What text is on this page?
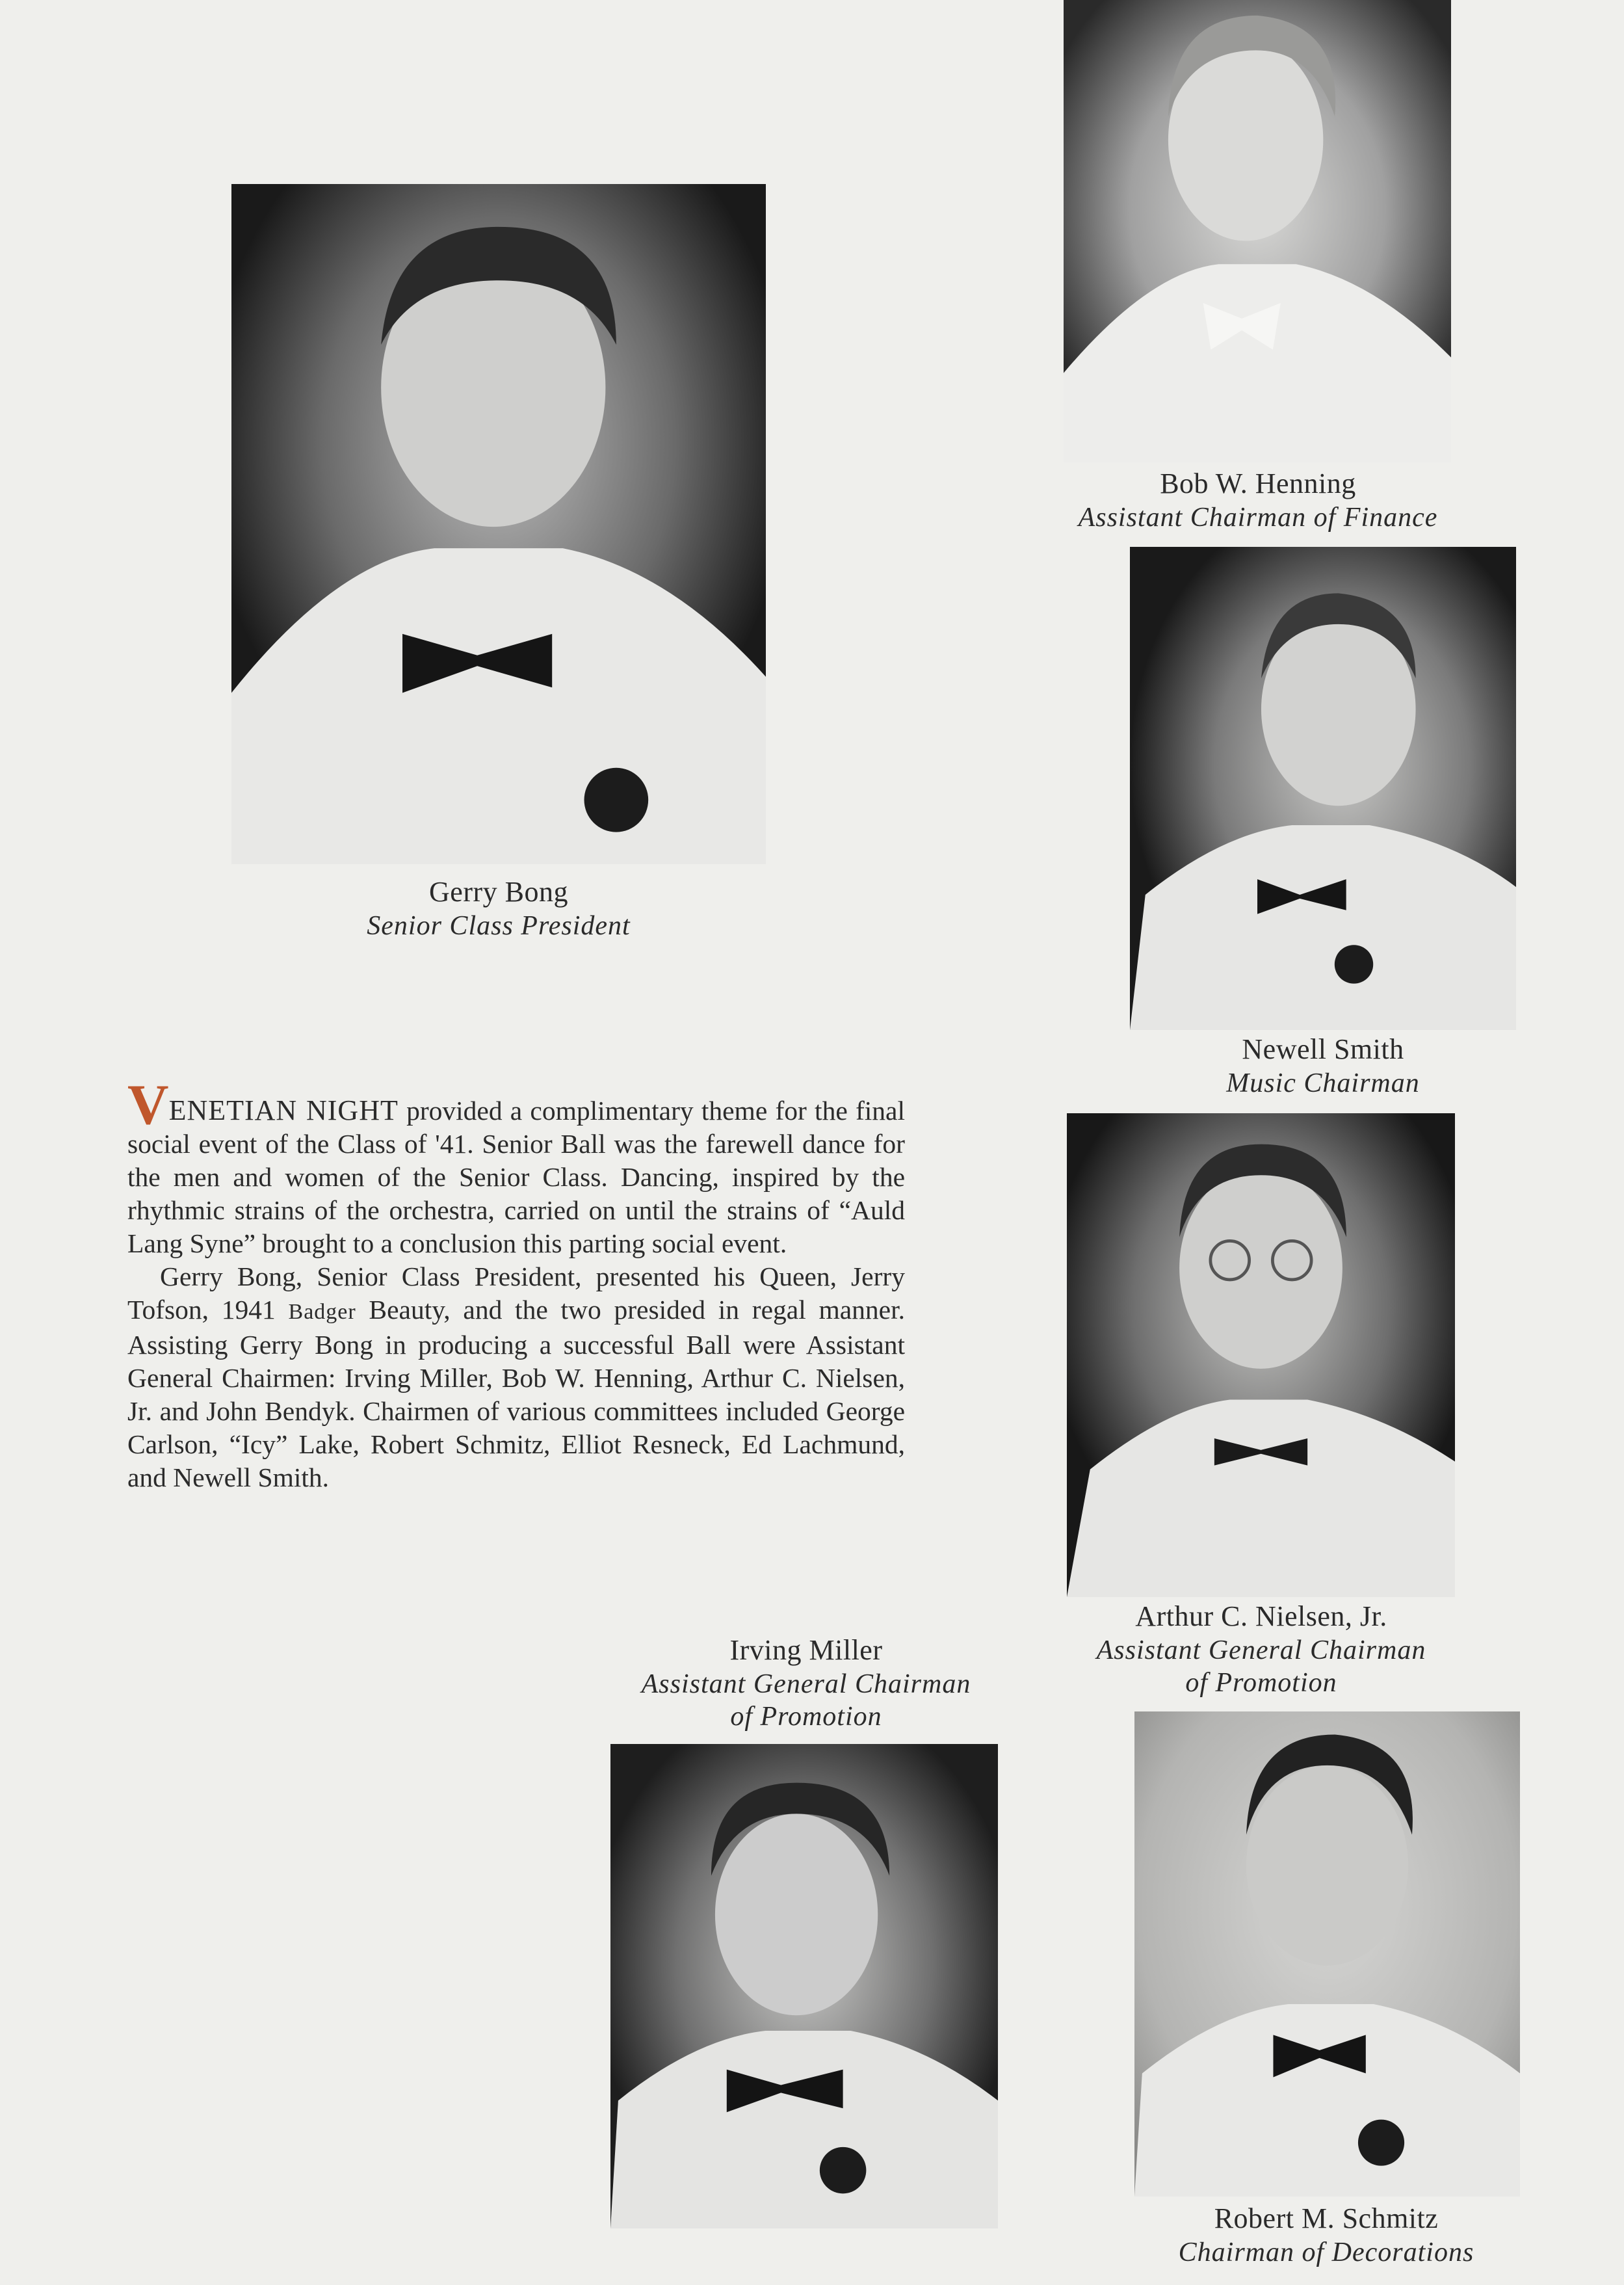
Gerry Bong
Senior Class President
Bob W. Henning
Assistant Chairman of Finance
Newell Smith
Music Chairman
Arthur C. Nielsen, Jr.
Assistant General Chairman
of Promotion
Irving Miller
Assistant General Chairman
of Promotion
Robert M. Schmitz
Chairman of Decorations

VENETIAN NIGHT provided a complimentary theme for the final social event of the Class of '41. Senior Ball was the farewell dance for the men and women of the Senior Class. Dancing, inspired by the rhythmic strains of the orchestra, carried on until the strains of “Auld Lang Syne” brought to a conclusion this parting social event.

Gerry Bong, Senior Class President, presented his Queen, Jerry Tofson, 1941 Badger Beauty, and the two presided in regal manner. Assisting Gerry Bong in producing a successful Ball were Assistant General Chairmen: Irving Miller, Bob W. Henning, Arthur C. Nielsen, Jr. and John Bendyk. Chairmen of various committees included George Carlson, “Icy” Lake, Robert Schmitz, Elliot Resneck, Ed Lachmund, and Newell Smith.
